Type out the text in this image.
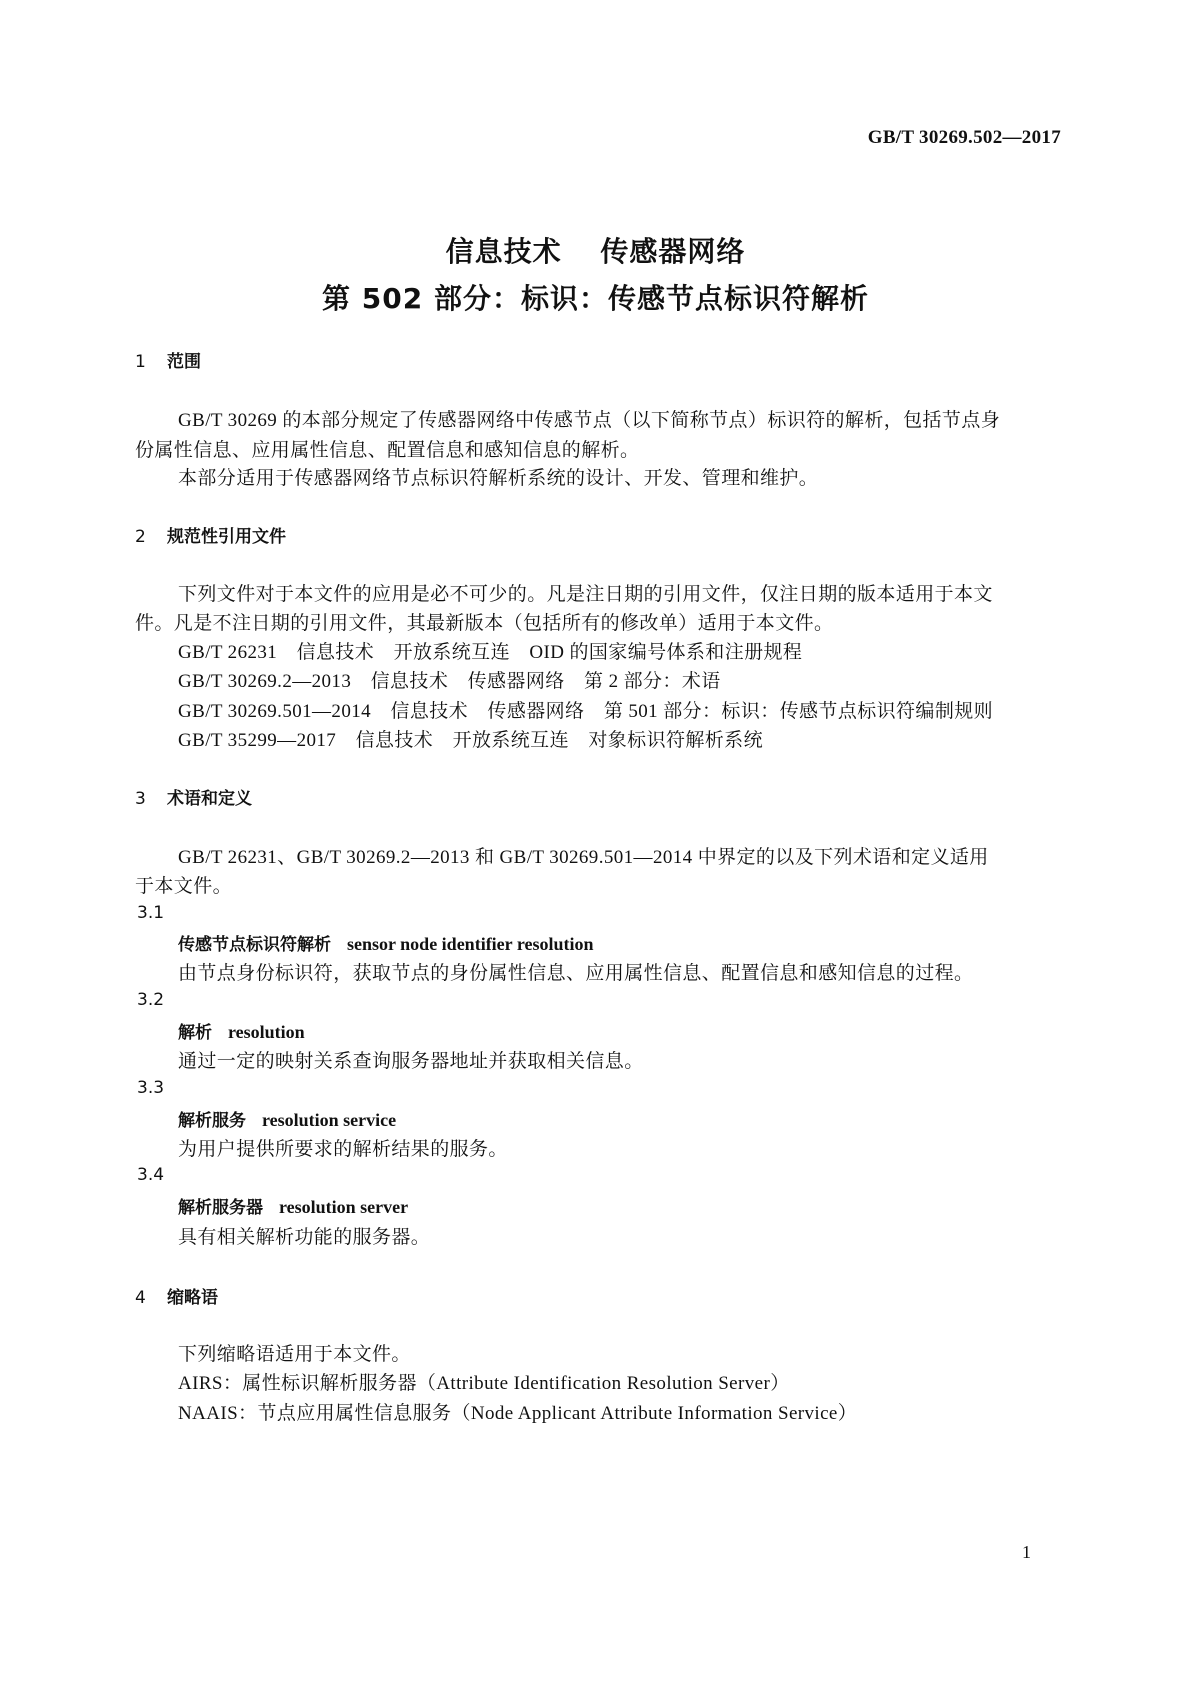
GB/T 30269.502—2017
信息技术 传感器网络
第 502 部分：标识：传感节点标识符解析
1 范围
GB/T 30269 的本部分规定了传感器网络中传感节点（以下简称节点）标识符的解析，包括节点身
份属性信息、应用属性信息、配置信息和感知信息的解析。
本部分适用于传感器网络节点标识符解析系统的设计、开发、管理和维护。
2 规范性引用文件
下列文件对于本文件的应用是必不可少的。凡是注日期的引用文件，仅注日期的版本适用于本文
件。凡是不注日期的引用文件，其最新版本（包括所有的修改单）适用于本文件。
GB/T 26231　信息技术　开放系统互连　OID 的国家编号体系和注册规程
GB/T 30269.2—2013　信息技术　传感器网络　第 2 部分：术语
GB/T 30269.501—2014　信息技术　传感器网络　第 501 部分：标识：传感节点标识符编制规则
GB/T 35299—2017　信息技术　开放系统互连　对象标识符解析系统
3 术语和定义
GB/T 26231、GB/T 30269.2—2013 和 GB/T 30269.501—2014 中界定的以及下列术语和定义适用
于本文件。
3.1
传感节点标识符解析 sensor node identifier resolution
由节点身份标识符，获取节点的身份属性信息、应用属性信息、配置信息和感知信息的过程。
3.2
解析 resolution
通过一定的映射关系查询服务器地址并获取相关信息。
3.3
解析服务 resolution service
为用户提供所要求的解析结果的服务。
3.4
解析服务器 resolution server
具有相关解析功能的服务器。
4 缩略语
下列缩略语适用于本文件。
AIRS：属性标识解析服务器（Attribute Identification Resolution Server）
NAAIS：节点应用属性信息服务（Node Applicant Attribute Information Service）
1
